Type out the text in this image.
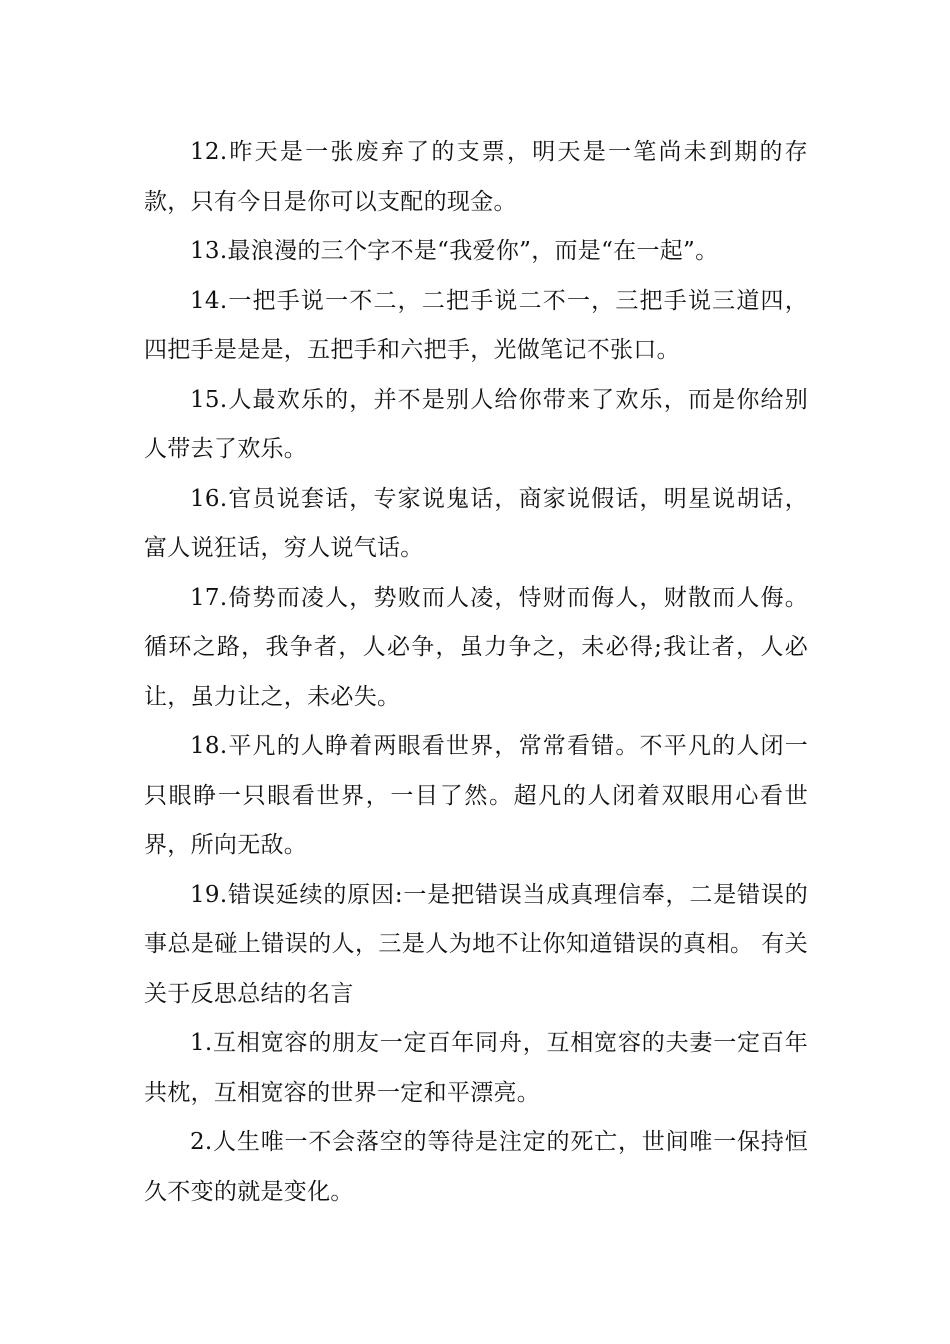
12.昨天是一张废弃了的支票，明天是一笔尚未到期的存款，只有今日是你可以支配的现金。

13.最浪漫的三个字不是“我爱你”，而是“在一起”。

14.一把手说一不二，二把手说二不一，三把手说三道四，四把手是是是，五把手和六把手，光做笔记不张口。

15.人最欢乐的，并不是别人给你带来了欢乐，而是你给别人带去了欢乐。

16.官员说套话，专家说鬼话，商家说假话，明星说胡话，富人说狂话，穷人说气话。

17.倚势而凌人，势败而人凌，恃财而侮人，财散而人侮。循环之路，我争者，人必争，虽力争之，未必得;我让者，人必让，虽力让之，未必失。

18.平凡的人睁着两眼看世界，常常看错。不平凡的人闭一只眼睁一只眼看世界，一目了然。超凡的人闭着双眼用心看世界，所向无敌。

19.错误延续的原因:一是把错误当成真理信奉，二是错误的事总是碰上错误的人，三是人为地不让你知道错误的真相。 有关关于反思总结的名言

1.互相宽容的朋友一定百年同舟，互相宽容的夫妻一定百年共枕，互相宽容的世界一定和平漂亮。

2.人生唯一不会落空的等待是注定的死亡，世间唯一保持恒久不变的就是变化。
